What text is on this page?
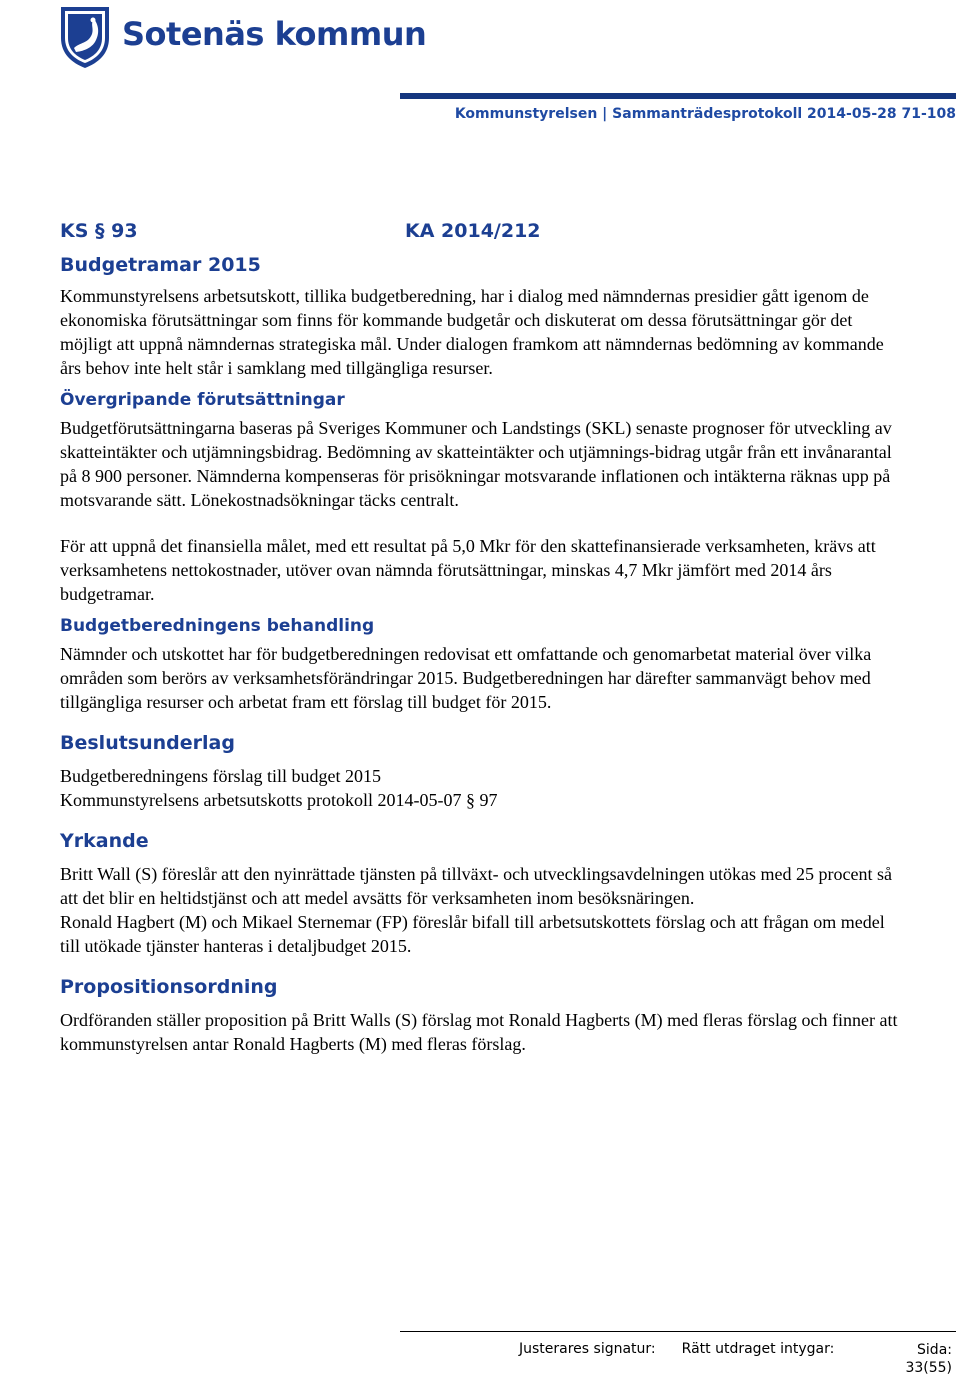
Sotenäs kommun
Kommunstyrelsen | Sammanträdesprotokoll 2014-05-28 71-108
KS § 93	KA 2014/212
Budgetramar 2015

Kommunstyrelsens arbetsutskott, tillika budgetberedning, har i dialog med nämndernas presidier gått igenom de ekonomiska förutsättningar som finns för kommande budgetår och diskuterat om dessa förutsättningar gör det möjligt att uppnå nämndernas strategiska mål. Under dialogen framkom att nämndernas bedömning av kommande års behov inte helt står i samklang med tillgängliga resurser.

Övergripande förutsättningar

Budgetförutsättningarna baseras på Sveriges Kommuner och Landstings (SKL) senaste prognoser för utveckling av skatteintäkter och utjämningsbidrag. Bedömning av skatteintäkter och utjämnings-bidrag utgår från ett invånarantal på 8 900 personer. Nämnderna kompenseras för prisökningar motsvarande inflationen och intäkterna räknas upp på motsvarande sätt. Lönekostnadsökningar täcks centralt.

För att uppnå det finansiella målet, med ett resultat på 5,0 Mkr för den skattefinansierade verksamheten, krävs att verksamhetens nettokostnader, utöver ovan nämnda förutsättningar, minskas 4,7 Mkr jämfört med 2014 års budgetramar.

Budgetberedningens behandling

Nämnder och utskottet har för budgetberedningen redovisat ett omfattande och genomarbetat material över vilka områden som berörs av verksamhetsförändringar 2015. Budgetberedningen har därefter sammanvägt behov med tillgängliga resurser och arbetat fram ett förslag till budget för 2015.

Beslutsunderlag

Budgetberedningens förslag till budget 2015

Kommunstyrelsens arbetsutskotts protokoll 2014-05-07 § 97

Yrkande

Britt Wall (S) föreslår att den nyinrättade tjänsten på tillväxt- och utvecklingsavdelningen utökas med 25 procent så att det blir en heltidstjänst och att medel avsätts för verksamheten inom besöksnäringen.

Ronald Hagbert (M) och Mikael Sternemar (FP) föreslår bifall till arbetsutskottets förslag och att frågan om medel till utökade tjänster hanteras i detaljbudget 2015.

Propositionsordning

Ordföranden ställer proposition på Britt Walls (S) förslag mot Ronald Hagberts (M) med fleras förslag och finner att kommunstyrelsen antar Ronald Hagberts (M) med fleras förslag.

Justerares signatur: Rätt utdraget intygar:	Sida:
33(55)
